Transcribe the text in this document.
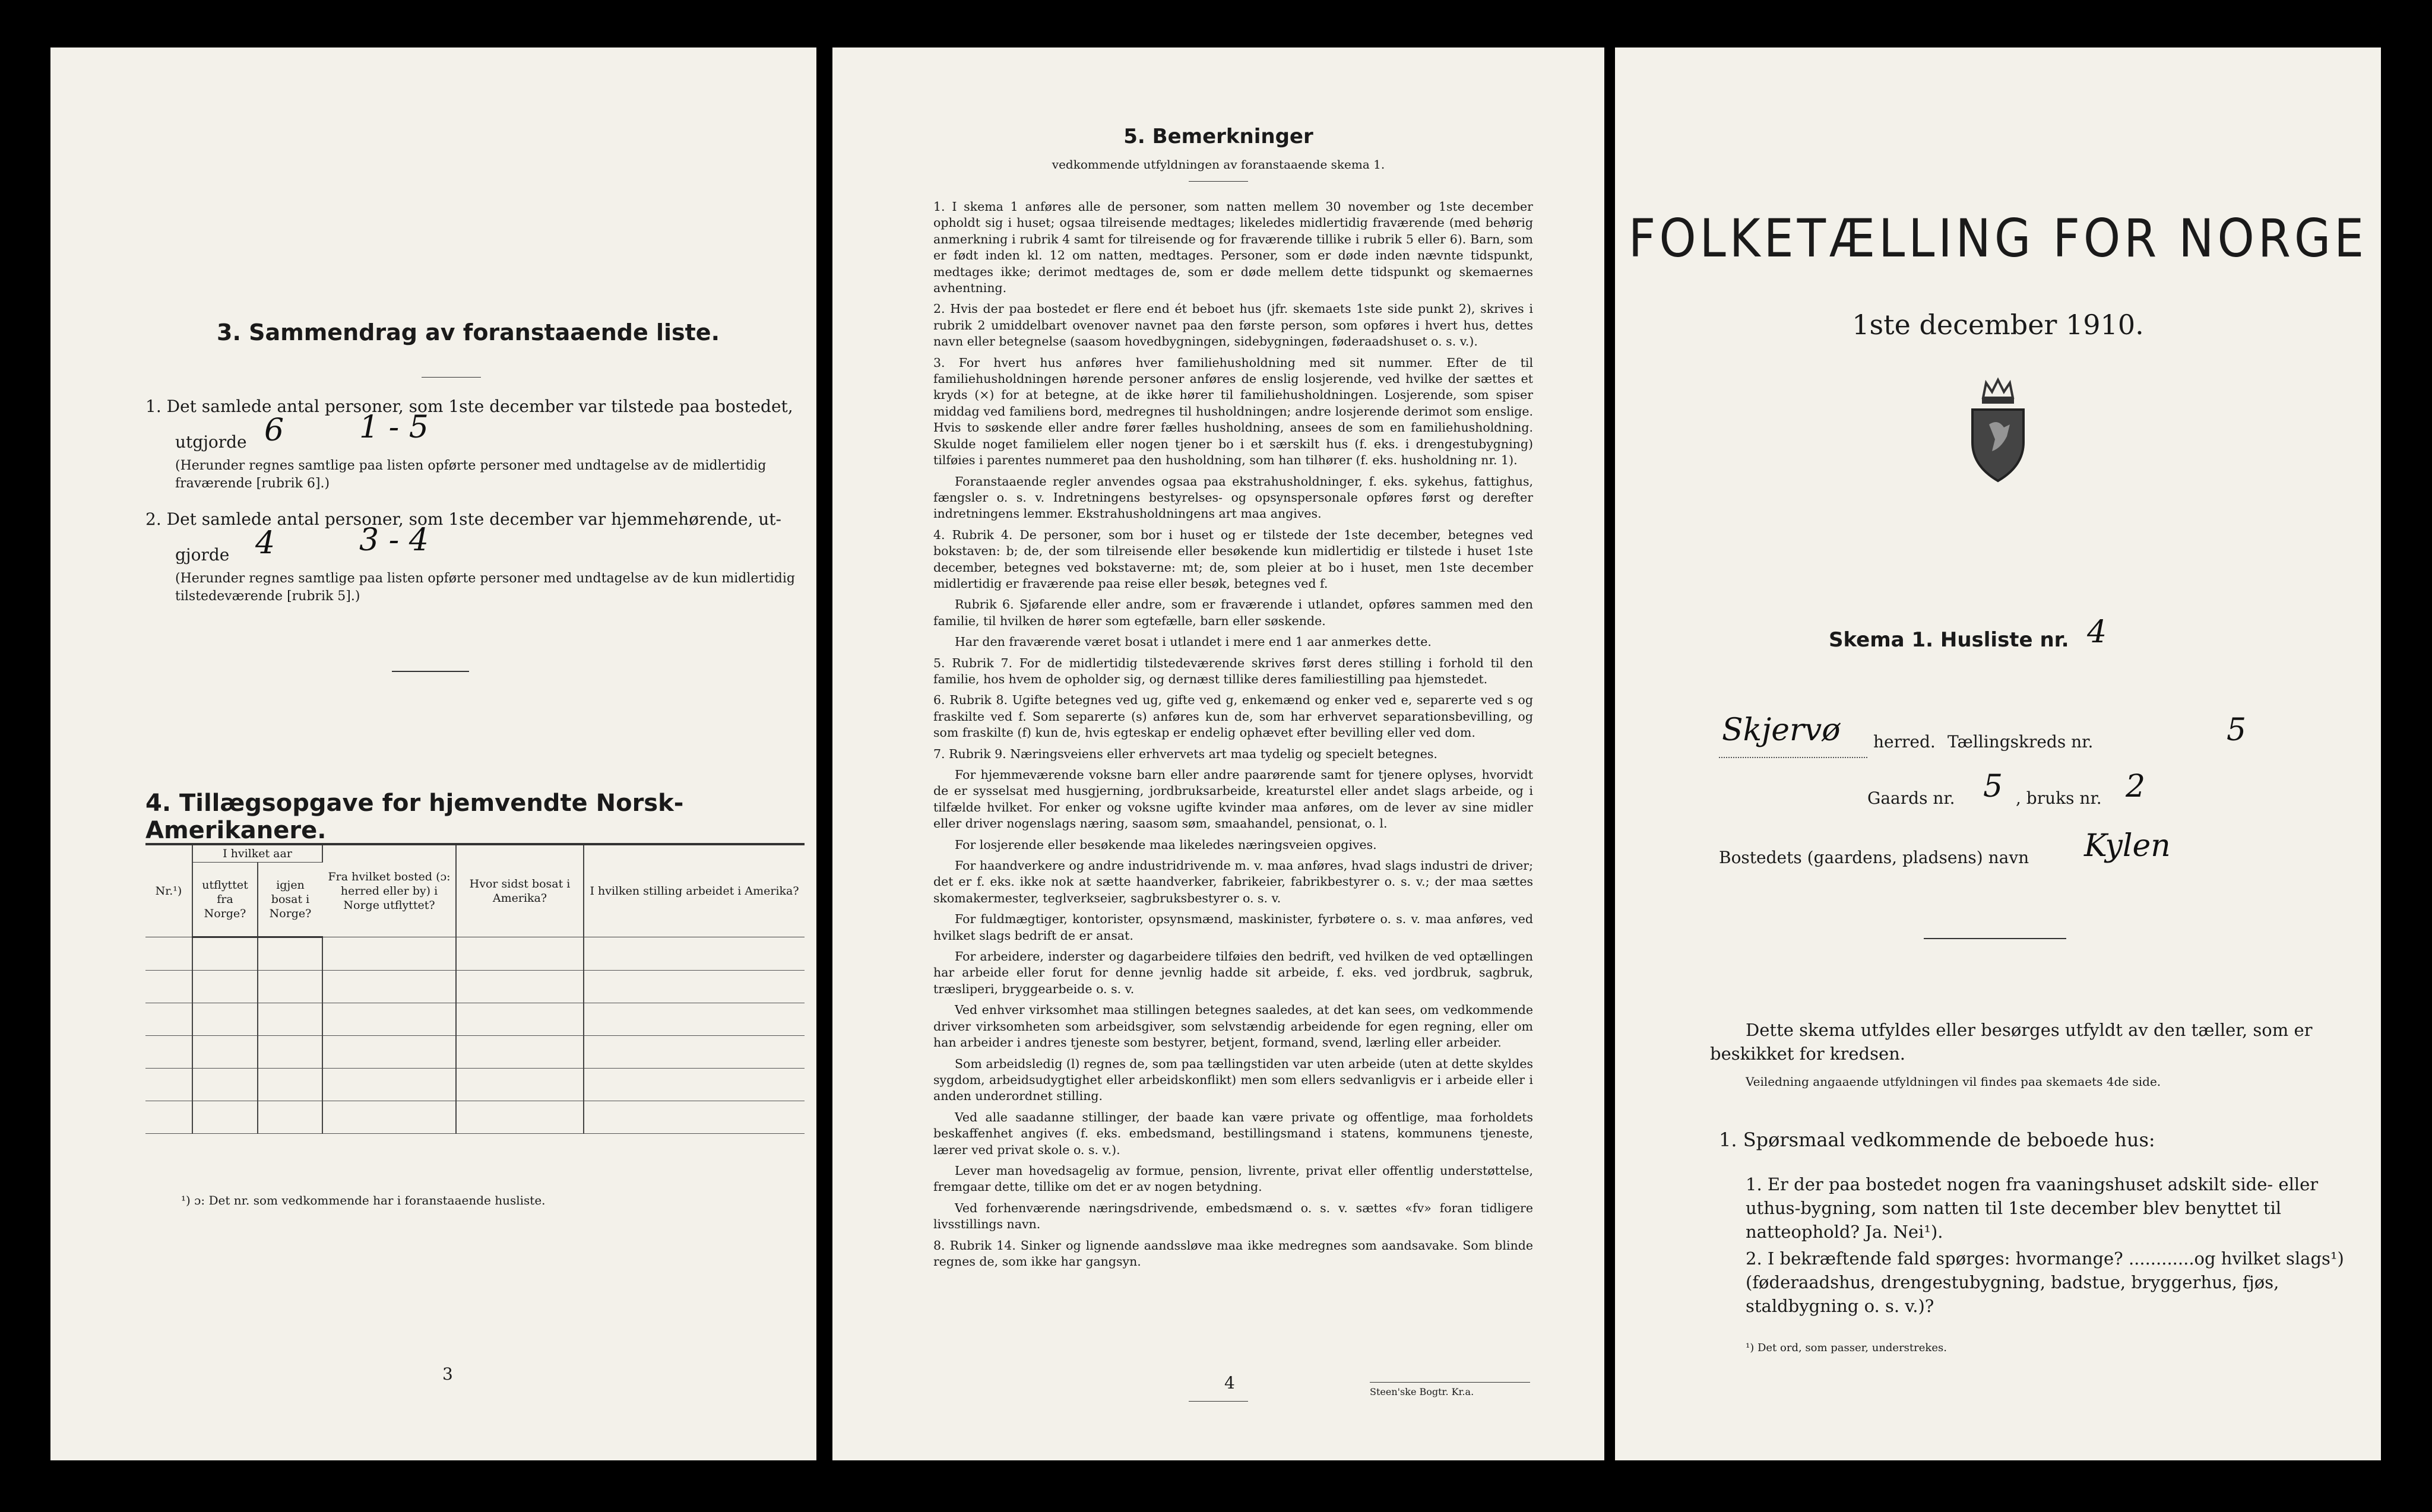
3. Sammendrag av foranstaaende liste.
1. Det samlede antal personer, som 1ste december var tilstede paa bostedet,
utgjorde 6 1 - 5
(Herunder regnes samtlige paa listen opførte personer med undtagelse av de midlertidig fraværende [rubrik 6].)
2. Det samlede antal personer, som 1ste december var hjemmehørende, ut-
gjorde 4	3 - 4
(Herunder regnes samtlige paa listen opførte personer med undtagelse av de kun midlertidig tilstedeværende [rubrik 5].)
4. Tillægsopgave for hjemvendte Norsk-Amerikanere.
Nr.¹)	I hvilket aar		Fra hvilket bosted (ɔ: herred eller by) i Norge utflyttet?	Hvor sidst bosat i Amerika?	I hvilken stilling arbeidet i Amerika?
	utflyttet fra Norge?	igjen bosat i Norge?			

¹) ɔ: Det nr. som vedkommende har i foranstaaende husliste.
3
5. Bemerkninger
vedkommende utfyldningen av foranstaaende skema 1.

1. I skema 1 anføres alle de personer, som natten mellem 30 november og 1ste december opholdt sig i huset; ogsaa tilreisende medtages; likeledes midlertidig fraværende (med behørig anmerkning i rubrik 4 samt for tilreisende og for fraværende tillike i rubrik 5 eller 6). Barn, som er født inden kl. 12 om natten, medtages. Personer, som er døde inden nævnte tidspunkt, medtages ikke; derimot medtages de, som er døde mellem dette tidspunkt og skemaernes avhentning.

2. Hvis der paa bostedet er flere end ét beboet hus (jfr. skemaets 1ste side punkt 2), skrives i rubrik 2 umiddelbart ovenover navnet paa den første person, som opføres i hvert hus, dettes navn eller betegnelse (saasom hovedbygningen, sidebygningen, føderaadshuset o. s. v.).

3. For hvert hus anføres hver familiehusholdning med sit nummer. Efter de til familiehusholdningen hørende personer anføres de enslig losjerende, ved hvilke der sættes et kryds (×) for at betegne, at de ikke hører til familiehusholdningen. Losjerende, som spiser middag ved familiens bord, medregnes til husholdningen; andre losjerende derimot som enslige. Hvis to søskende eller andre fører fælles husholdning, ansees de som en familiehusholdning. Skulde noget familielem eller nogen tjener bo i et særskilt hus (f. eks. i drengestubygning) tilføies i parentes nummeret paa den husholdning, som han tilhører (f. eks. husholdning nr. 1).

Foranstaaende regler anvendes ogsaa paa ekstrahusholdninger, f. eks. sykehus, fattighus, fængsler o. s. v. Indretningens bestyrelses- og opsynspersonale opføres først og derefter indretningens lemmer. Ekstrahusholdningens art maa angives.

4. Rubrik 4. De personer, som bor i huset og er tilstede der 1ste december, betegnes ved bokstaven: b; de, der som tilreisende eller besøkende kun midlertidig er tilstede i huset 1ste december, betegnes ved bokstaverne: mt; de, som pleier at bo i huset, men 1ste december midlertidig er fraværende paa reise eller besøk, betegnes ved f.

Rubrik 6. Sjøfarende eller andre, som er fraværende i utlandet, opføres sammen med den familie, til hvilken de hører som egtefælle, barn eller søskende.

Har den fraværende været bosat i utlandet i mere end 1 aar anmerkes dette.

5. Rubrik 7. For de midlertidig tilstedeværende skrives først deres stilling i forhold til den familie, hos hvem de opholder sig, og dernæst tillike deres familiestilling paa hjemstedet.

6. Rubrik 8. Ugifte betegnes ved ug, gifte ved g, enkemænd og enker ved e, separerte ved s og fraskilte ved f. Som separerte (s) anføres kun de, som har erhvervet separationsbevilling, og som fraskilte (f) kun de, hvis egteskap er endelig ophævet efter bevilling eller ved dom.

7. Rubrik 9. Næringsveiens eller erhvervets art maa tydelig og specielt betegnes.

For hjemmeværende voksne barn eller andre paarørende samt for tjenere oplyses, hvorvidt de er sysselsat med husgjerning, jordbruksarbeide, kreaturstel eller andet slags arbeide, og i tilfælde hvilket. For enker og voksne ugifte kvinder maa anføres, om de lever av sine midler eller driver nogenslags næring, saasom søm, smaahandel, pensionat, o. l.

For losjerende eller besøkende maa likeledes næringsveien opgives.

For haandverkere og andre industridrivende m. v. maa anføres, hvad slags industri de driver; det er f. eks. ikke nok at sætte haandverker, fabrikeier, fabrikbestyrer o. s. v.; der maa sættes skomakermester, teglverkseier, sagbruksbestyrer o. s. v.

For fuldmægtiger, kontorister, opsynsmænd, maskinister, fyrbøtere o. s. v. maa anføres, ved hvilket slags bedrift de er ansat.

For arbeidere, inderster og dagarbeidere tilføies den bedrift, ved hvilken de ved optællingen har arbeide eller forut for denne jevnlig hadde sit arbeide, f. eks. ved jordbruk, sagbruk, træsliperi, bryggearbeide o. s. v.

Ved enhver virksomhet maa stillingen betegnes saaledes, at det kan sees, om vedkommende driver virksomheten som arbeidsgiver, som selvstændig arbeidende for egen regning, eller om han arbeider i andres tjeneste som bestyrer, betjent, formand, svend, lærling eller arbeider.

Som arbeidsledig (l) regnes de, som paa tællingstiden var uten arbeide (uten at dette skyldes sygdom, arbeidsudygtighet eller arbeidskonflikt) men som ellers sedvanligvis er i arbeide eller i anden underordnet stilling.

Ved alle saadanne stillinger, der baade kan være private og offentlige, maa forholdets beskaffenhet angives (f. eks. embedsmand, bestillingsmand i statens, kommunens tjeneste, lærer ved privat skole o. s. v.).

Lever man hovedsagelig av formue, pension, livrente, privat eller offentlig understøttelse, fremgaar dette, tillike om det er av nogen betydning.

Ved forhenværende næringsdrivende, embedsmænd o. s. v. sættes «fv» foran tidligere livsstillings navn.

8. Rubrik 14. Sinker og lignende aandssløve maa ikke medregnes som aandsavake. Som blinde regnes de, som ikke har gangsyn.

4	Steen'ske Bogtr. Kr.a.
FOLKETÆLLING FOR NORGE
1ste december 1910.
Skema 1. Husliste nr. 4
Skjervø herred. Tællingskreds nr.	5
Gaards nr. 5 , bruks nr. 2
Bostedets (gaardens, pladsens) navn Kylen
Dette skema utfyldes eller besørges utfyldt av den tæller, som er beskikket for kredsen.
Veiledning angaaende utfyldningen vil findes paa skemaets 4de side.
1. Spørsmaal vedkommende de beboede hus:
1. Er der paa bostedet nogen fra vaaningshuset adskilt side- eller uthus-bygning, som natten til 1ste december blev benyttet til natteophold? Ja. Nei¹).
2. I bekræftende fald spørges: hvormange? ............og hvilket slags¹) (føderaadshus, drengestubygning, badstue, bryggerhus, fjøs, staldbygning o. s. v.)?
¹) Det ord, som passer, understrekes.
